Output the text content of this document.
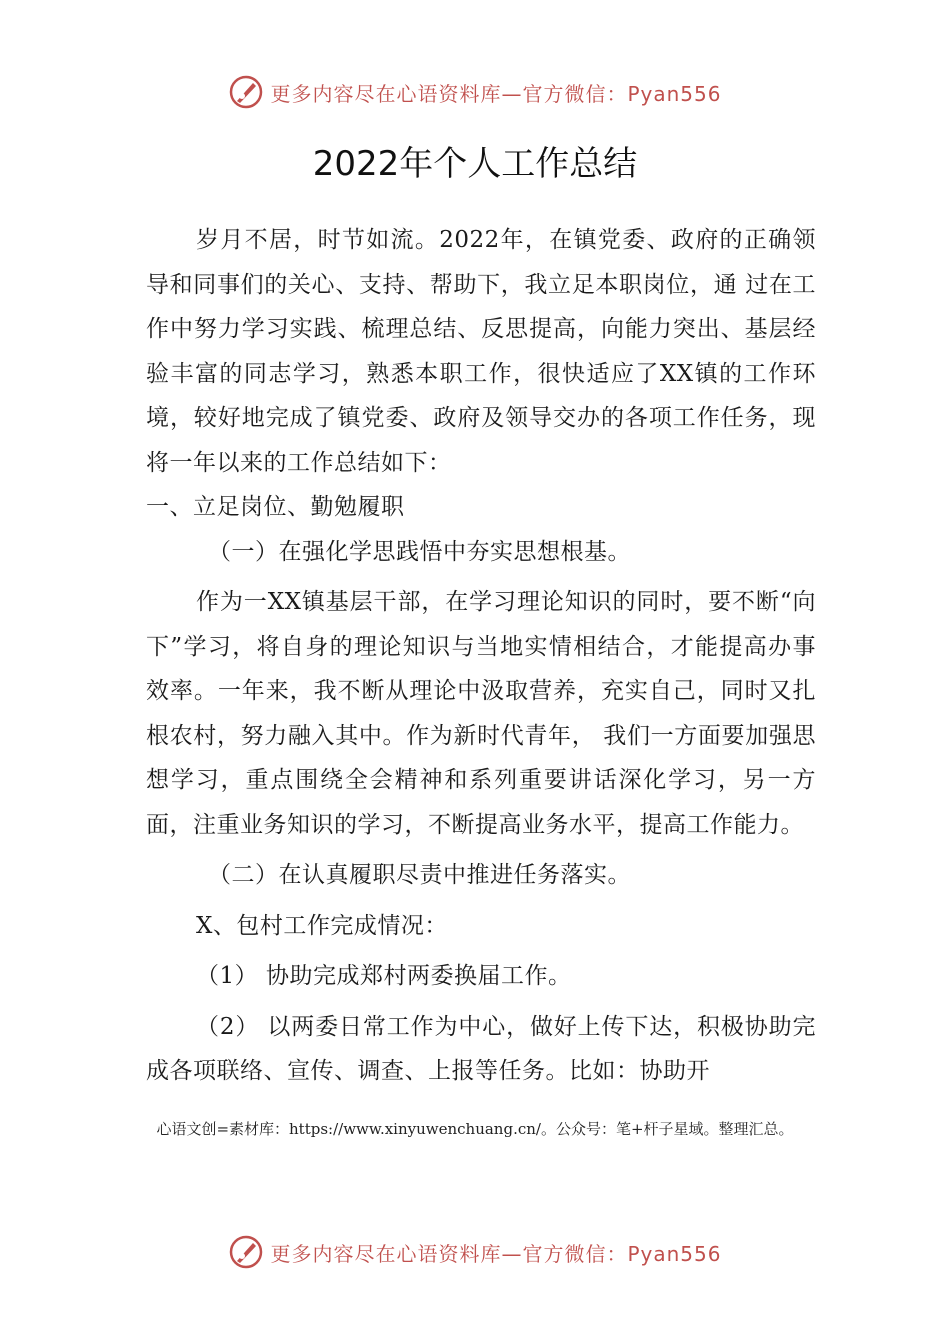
更多内容尽在心语资料库—官方微信：Pyan556
2022年个人工作总结

岁月不居，时节如流。2022年，在镇党委、政府的正确领导和同事们的关心、支持、帮助下，我立足本职岗位，通 过在工作中努力学习实践、梳理总结、反思提高，向能力突出、基层经验丰富的同志学习，熟悉本职工作，很快适应了XX镇的工作环境，较好地完成了镇党委、政府及领导交办的各项工作任务，现将一年以来的工作总结如下：

一、立足岗位、勤勉履职

（一）在强化学思践悟中夯实思想根基。

作为一XX镇基层干部，在学习理论知识的同时，要不断“向下”学习，将自身的理论知识与当地实情相结合，才能提高办事效率。一年来，我不断从理论中汲取营养，充实自己，同时又扎根农村，努力融入其中。作为新时代青年， 我们一方面要加强思想学习，重点围绕全会精神和系列重要讲话深化学习，另一方面，注重业务知识的学习，不断提高业务水平，提高工作能力。

（二）在认真履职尽责中推进任务落实。

X、包村工作完成情况：

（1） 协助完成郑村两委换届工作。

（2） 以两委日常工作为中心，做好上传下达，积极协助完成各项联络、宣传、调查、上报等任务。比如：协助开

心语文创=素材库：https://www.xinyuwenchuang.cn/。公众号：笔+杆子星域。整理汇总。
更多内容尽在心语资料库—官方微信：Pyan556
